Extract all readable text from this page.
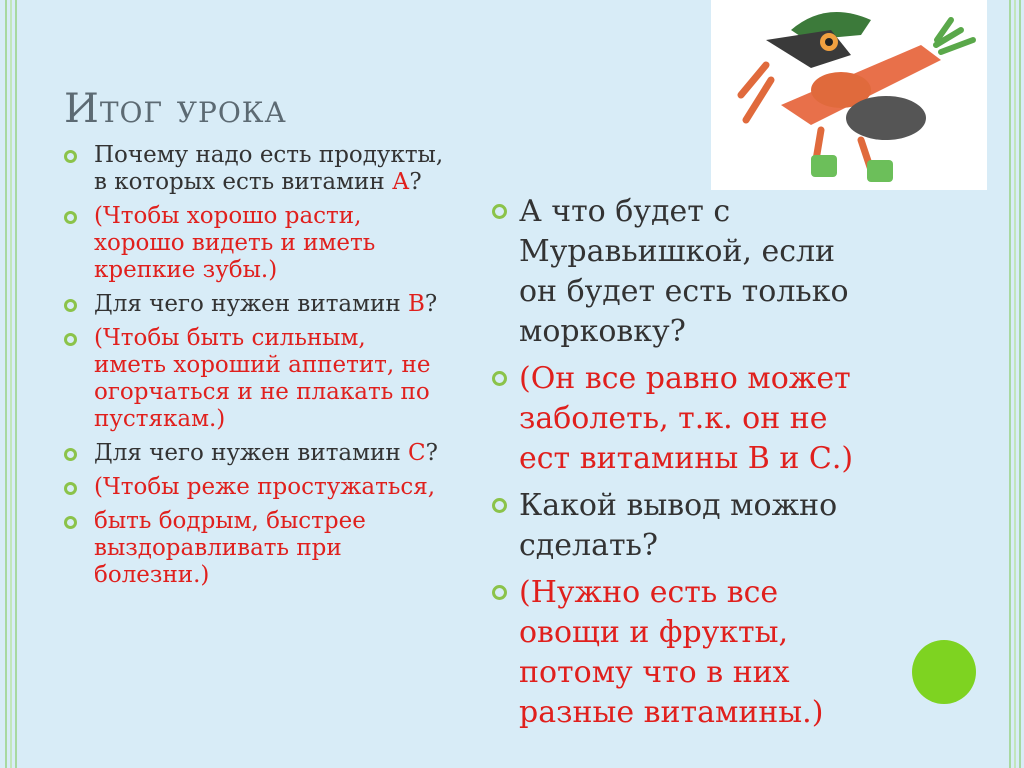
Итог урока

Почему надо есть продукты, в которых есть витамин А?

(Чтобы хорошо расти, хорошо видеть и иметь крепкие зубы.)

Для чего нужен витамин В?

(Чтобы быть сильным, иметь хороший аппетит, не огорчаться и не плакать по пустякам.)

Для чего нужен витамин С?

(Чтобы реже простужаться,

быть бодрым, быстрее выздоравливать при болезни.)

А что будет с Муравьишкой, если он будет есть только морковку?

(Он все равно может заболеть, т.к. он не ест витамины В и С.)

Какой вывод можно сделать?

(Нужно есть все овощи и фрукты, потому что в них разные витамины.)
